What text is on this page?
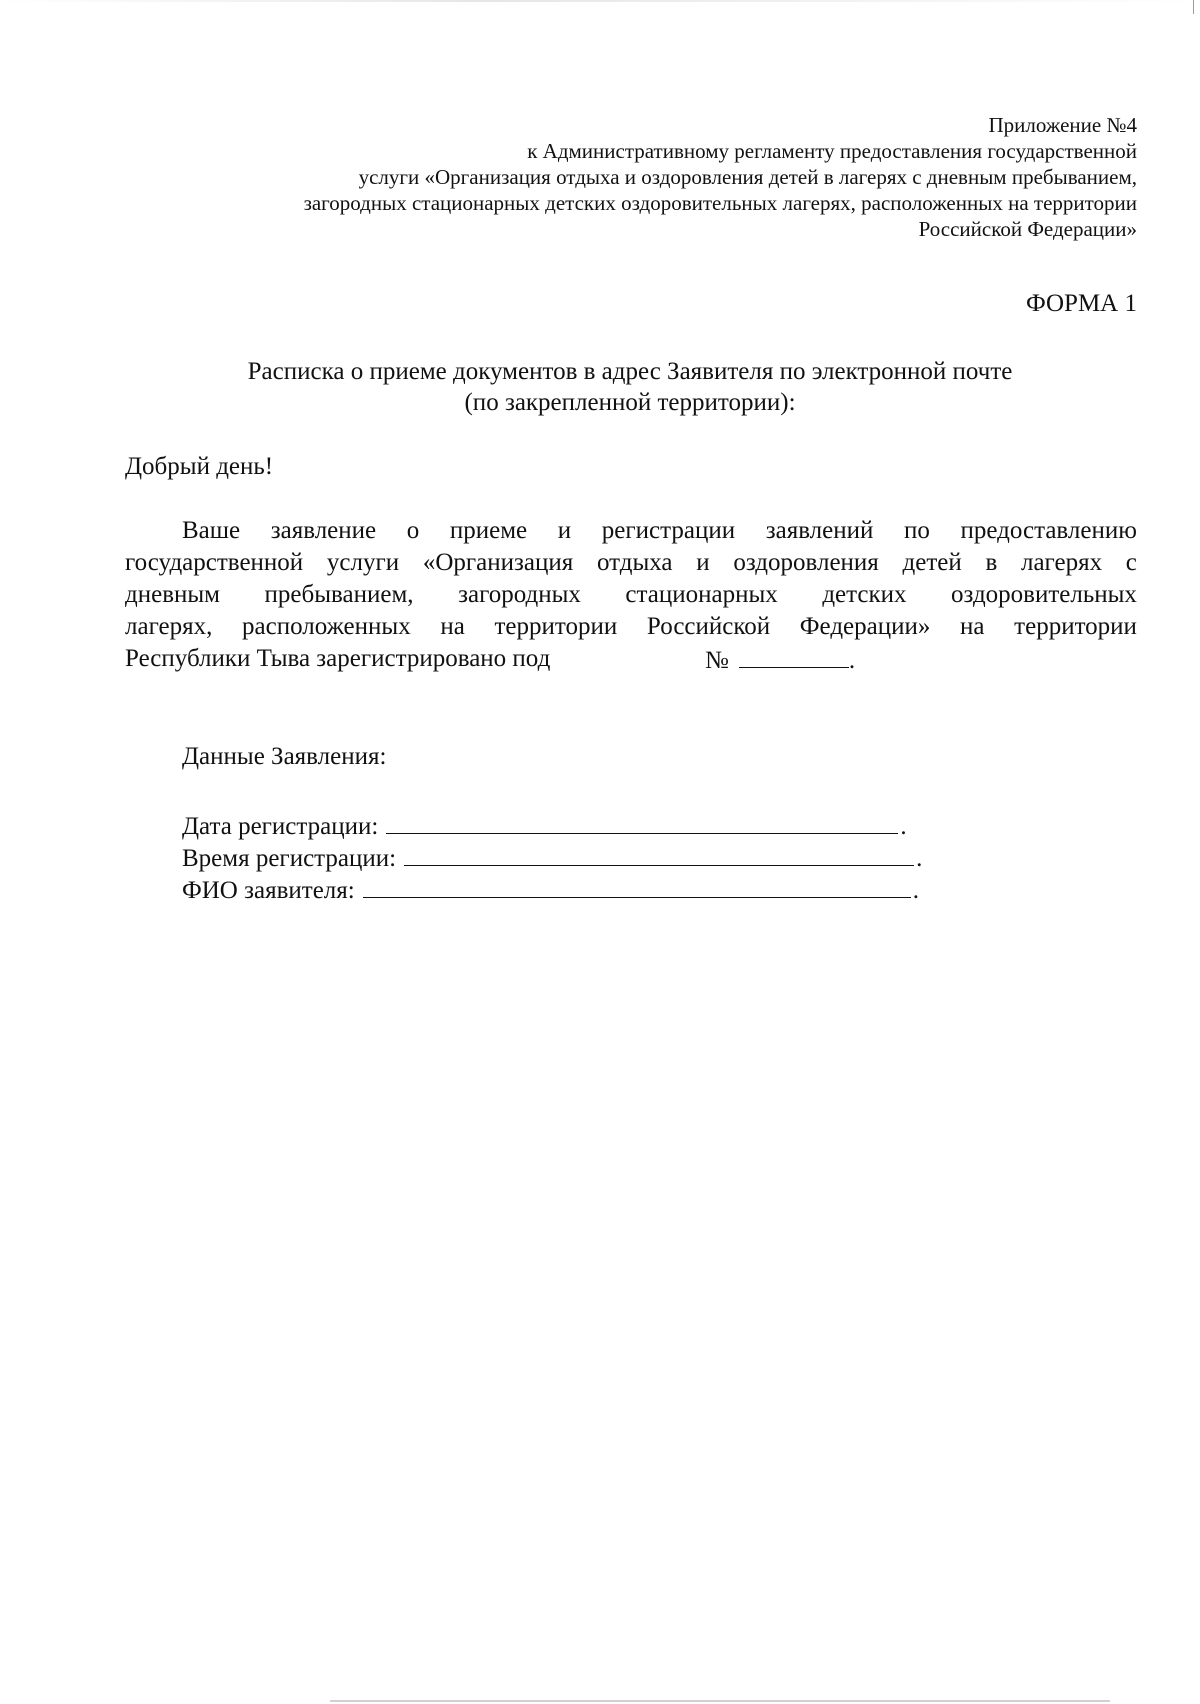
Приложение №4
к Административному регламенту предоставления государственной
услуги «Организация отдыха и оздоровления детей в лагерях с дневным пребыванием,
загородных стационарных детских оздоровительных лагерях, расположенных на территории
Российской Федерации»
ФОРМА 1
Расписка о приеме документов в адрес Заявителя по электронной почте
(по закрепленной территории):
Добрый день!
Ваше заявление о приеме и регистрации заявлений по предоставлению
государственной услуги «Организация отдыха и оздоровления детей в лагерях с
дневным пребыванием, загородных стационарных детских оздоровительных
лагерях, расположенных на территории Российской Федерации» на территории
Республики Тыва зарегистрировано под	№	.
Данные Заявления:
Дата регистрации:	.
Время регистрации:	.
ФИО заявителя:	.
